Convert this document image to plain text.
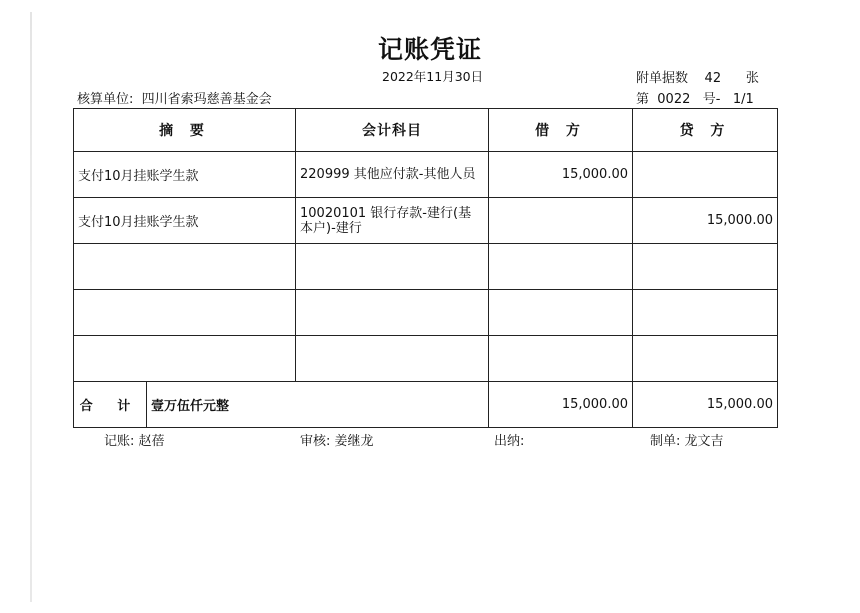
记账凭证
2022年11月30日	附单据数 42 张
核算单位: 四川省索玛慈善基金会	第 0022 号- 1/1
摘 要		会计科目	借 方	贷 方
支付10月挂账学生款		220999 其他应付款-其他人员	15,000.00	
支付10月挂账学生款		10020101 银行存款-建行(基本户)-建行		15,000.00

合 计	壹万伍仟元整		15,000.00	15,000.00
记账: 赵蓓	审核: 姜继龙	出纳:	制单: 龙文吉
